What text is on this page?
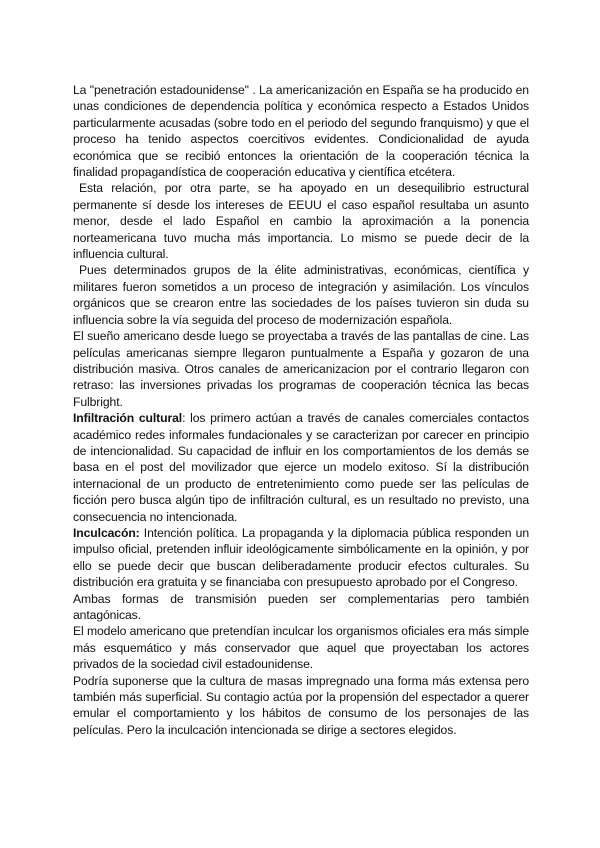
La "penetración estadounidense" . La americanización en España se ha producido en unas condiciones de dependencia política y económica respecto a Estados Unidos particularmente acusadas (sobre todo en el periodo del segundo franquismo) y que el proceso ha tenido aspectos coercitivos evidentes. Condicionalidad de ayuda económica que se recibió entonces la orientación de la cooperación técnica la finalidad propagandística de cooperación educativa y científica etcétera.

Esta relación, por otra parte, se ha apoyado en un desequilibrio estructural permanente sí desde los intereses de EEUU el caso español resultaba un asunto menor, desde el lado Español en cambio la aproximación a la ponencia norteamericana tuvo mucha más importancia. Lo mismo se puede decir de la influencia cultural.

Pues determinados grupos de la élite administrativas, económicas, científica y militares fueron sometidos a un proceso de integración y asimilación. Los vínculos orgánicos que se crearon entre las sociedades de los países tuvieron sin duda su influencia sobre la vía seguida del proceso de modernización española.

El sueño americano desde luego se proyectaba a través de las pantallas de cine. Las películas americanas siempre llegaron puntualmente a España y gozaron de una distribución masiva. Otros canales de americanizacion por el contrario llegaron con retraso: las inversiones privadas los programas de cooperación técnica las becas Fulbright.

Infiltración cultural: los primero actúan a través de canales comerciales contactos académico redes informales fundacionales y se caracterizan por carecer en principio de intencionalidad. Su capacidad de influir en los comportamientos de los demás se basa en el post del movilizador que ejerce un modelo exitoso. Sí la distribución internacional de un producto de entretenimiento como puede ser las películas de ficción pero busca algún tipo de infiltración cultural, es un resultado no previsto, una consecuencia no intencionada.

Inculcacón: Intención política. La propaganda y la diplomacia pública responden un impulso oficial, pretenden influir ideológicamente simbólicamente en la opinión, y por ello se puede decir que buscan deliberadamente producir efectos culturales. Su distribución era gratuita y se financiaba con presupuesto aprobado por el Congreso.

Ambas formas de transmisión pueden ser complementarias pero también antagónicas.

El modelo americano que pretendían inculcar los organismos oficiales era más simple más esquemático y más conservador que aquel que proyectaban los actores privados de la sociedad civil estadounidense.

Podría suponerse que la cultura de masas impregnado una forma más extensa pero también más superficial. Su contagio actúa por la propensión del espectador a querer emular el comportamiento y los hábitos de consumo de los personajes de las películas. Pero la inculcación intencionada se dirige a sectores elegidos.
